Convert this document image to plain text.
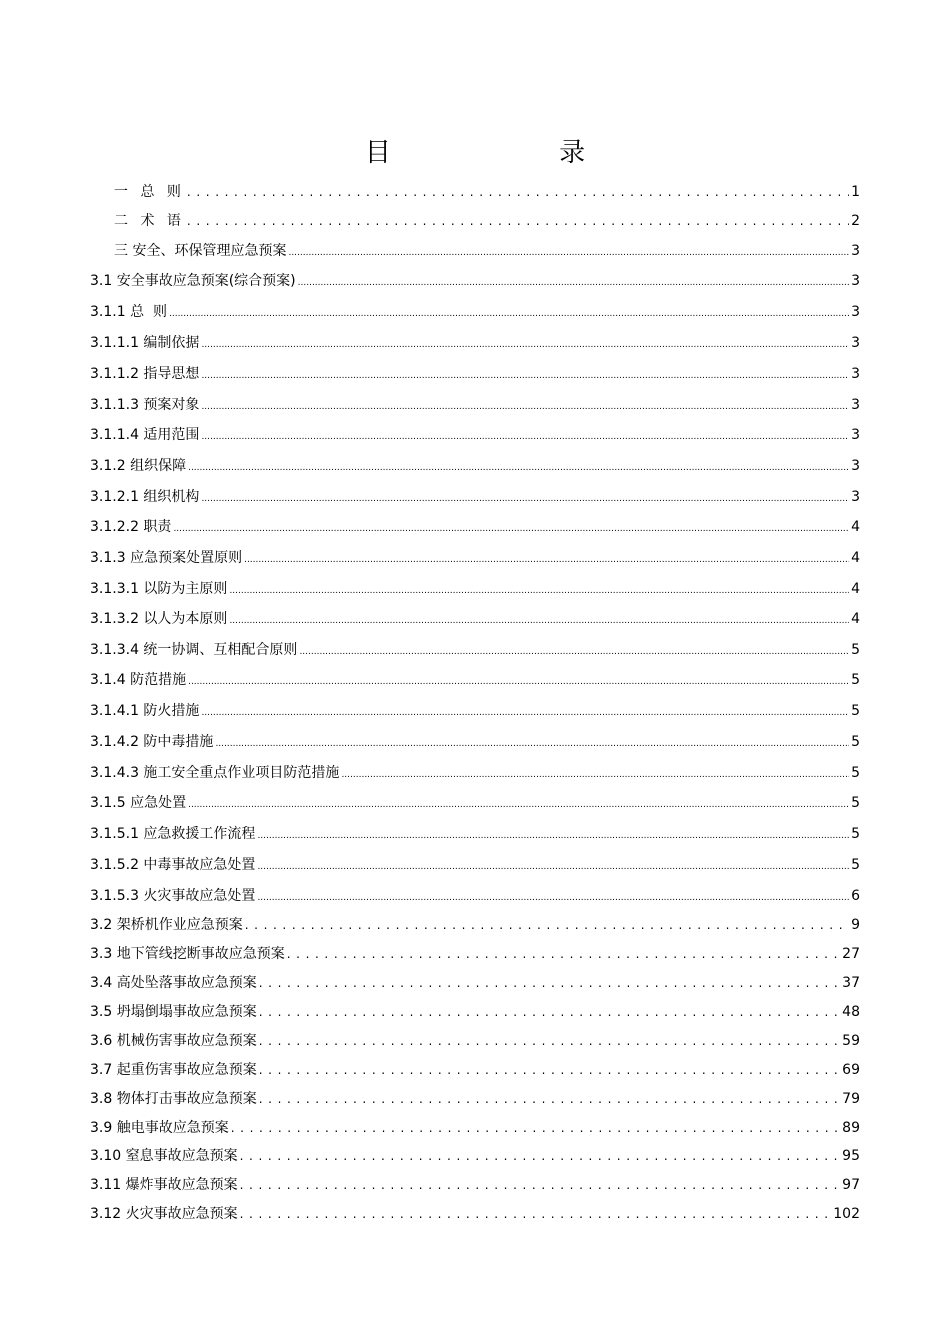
目 录
一 总 则 . . .	1
二 术 语 . . .	2
三 安全、环保管理应急预案 .....	3
3.1 安全事故应急预案(综合预案) .....	3
3.1.1 总  则 .....	3
3.1.1.1 编制依据 .....	3
3.1.1.2 指导思想 .....	3
3.1.1.3 预案对象 .....	3
3.1.1.4 适用范围 .....	3
3.1.2 组织保障 .....	3
3.1.2.1 组织机构 .....	3
3.1.2.2 职责 .....	4
3.1.3 应急预案处置原则 .....	4
3.1.3.1 以防为主原则 .....	4
3.1.3.2 以人为本原则 .....	4
3.1.3.4 统一协调、互相配合原则 .....	5
3.1.4 防范措施 .....	5
3.1.4.1 防火措施 .....	5
3.1.4.2 防中毒措施 .....	5
3.1.4.3 施工安全重点作业项目防范措施 .....	5
3.1.5 应急处置 .....	5
3.1.5.1 应急救援工作流程 .....	5
3.1.5.2 中毒事故应急处置 .....	5
3.1.5.3 火灾事故应急处置 .....	6
3.2 架桥机作业应急预案 . . .	9
3.3 地下管线挖断事故应急预案 . . .	27
3.4 高处坠落事故应急预案 . . .	37
3.5 坍塌倒塌事故应急预案 . . .	48
3.6 机械伤害事故应急预案 . . .	59
3.7 起重伤害事故应急预案 . . .	69
3.8 物体打击事故应急预案 . . .	79
3.9 触电事故应急预案 . . .	89
3.10 窒息事故应急预案 . . .	95
3.11 爆炸事故应急预案 . . .	97
3.12 火灾事故应急预案 . . .	102
